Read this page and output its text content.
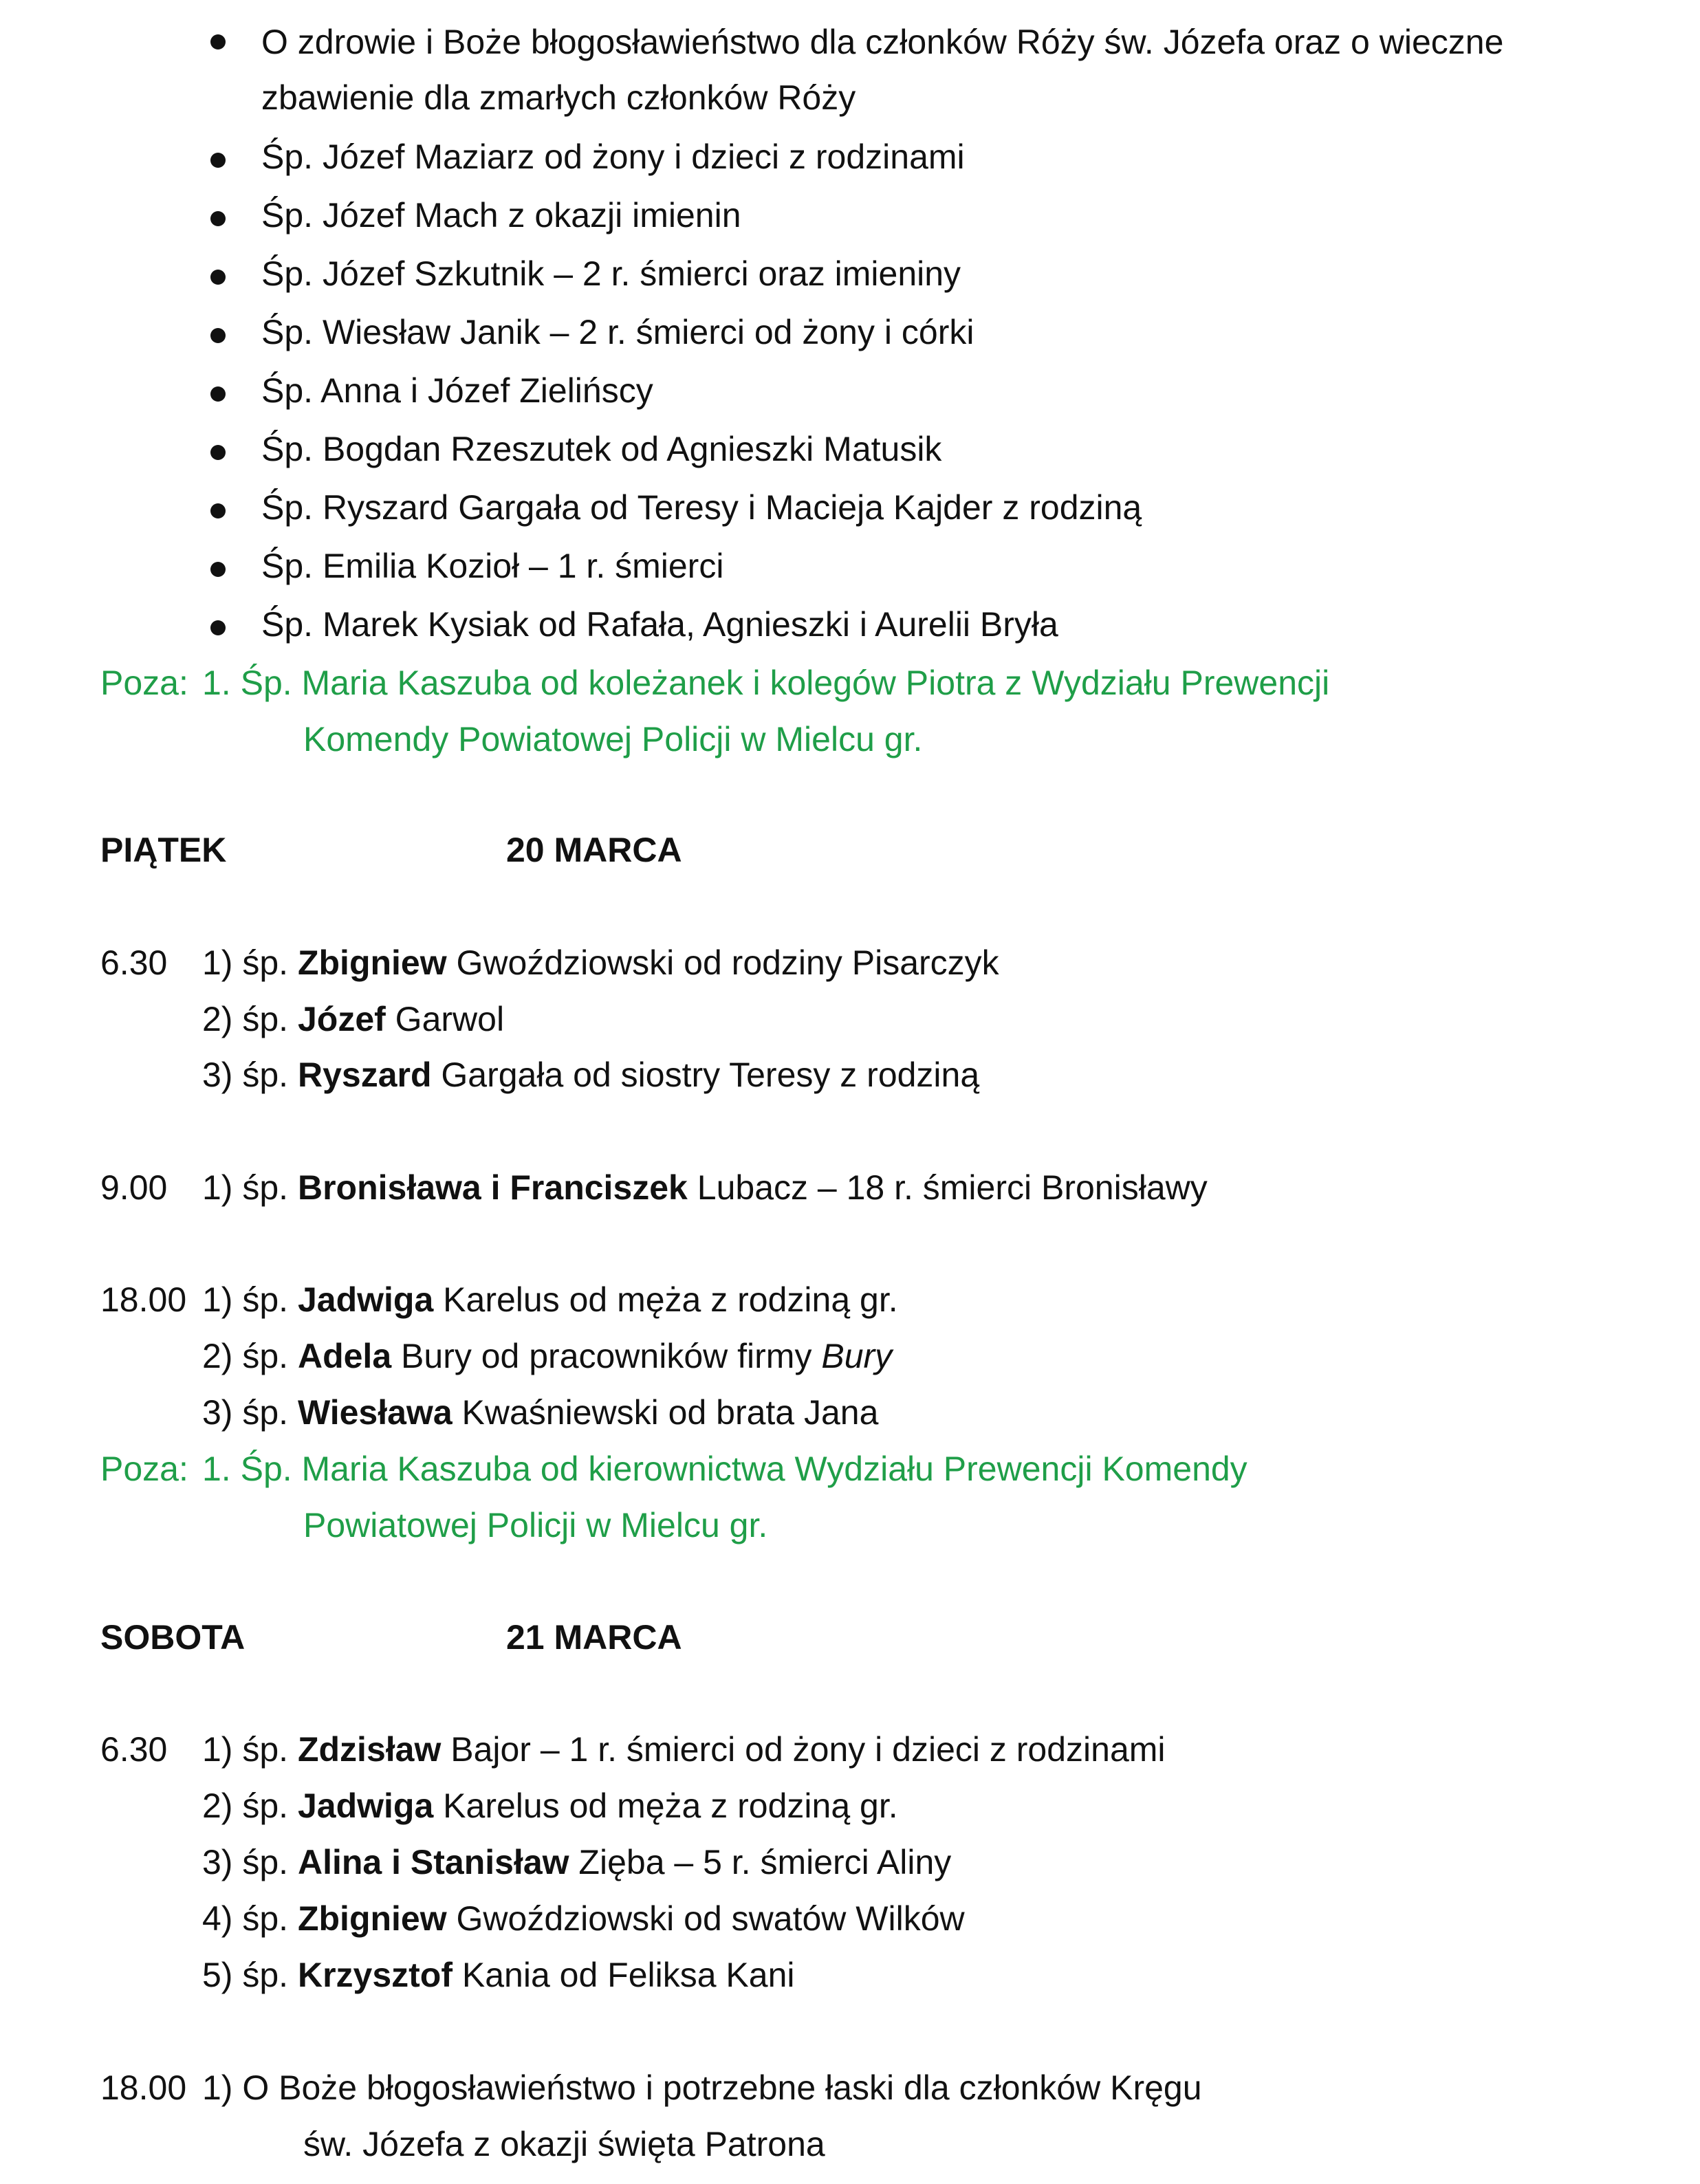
O zdrowie i Boże błogosławieństwo dla członków Róży św. Józefa oraz o wieczne
zbawienie dla zmarłych członków Róży
Śp. Józef Maziarz od żony i dzieci z rodzinami
Śp. Józef Mach z okazji imienin
Śp. Józef Szkutnik – 2 r. śmierci oraz imieniny
Śp. Wiesław Janik – 2 r. śmierci od żony i córki
Śp. Anna i Józef Zielińscy
Śp. Bogdan Rzeszutek od Agnieszki Matusik
Śp. Ryszard Gargała od Teresy i Macieja Kajder z rodziną
Śp. Emilia Kozioł – 1 r. śmierci
Śp. Marek Kysiak od Rafała, Agnieszki i Aurelii Bryła
Poza: 1. Śp. Maria Kaszuba od koleżanek i kolegów Piotra z Wydziału Prewencji
Komendy Powiatowej Policji w Mielcu gr.
PIĄTEK	20 MARCA
6.30 1) śp. Zbigniew Gwoździowski od rodziny Pisarczyk
2) śp. Józef Garwol
3) śp. Ryszard Gargała od siostry Teresy z rodziną
9.00 1) śp. Bronisława i Franciszek Lubacz – 18 r. śmierci Bronisławy
18.00 1) śp. Jadwiga Karelus od męża z rodziną gr.
2) śp. Adela Bury od pracowników firmy Bury
3) śp. Wiesława Kwaśniewski od brata Jana
Poza: 1. Śp. Maria Kaszuba od kierownictwa Wydziału Prewencji Komendy
Powiatowej Policji w Mielcu gr.
SOBOTA	21 MARCA
6.30 1) śp. Zdzisław Bajor – 1 r. śmierci od żony i dzieci z rodzinami
2) śp. Jadwiga Karelus od męża z rodziną gr.
3) śp. Alina i Stanisław Zięba – 5 r. śmierci Aliny
4) śp. Zbigniew Gwoździowski od swatów Wilków
5) śp. Krzysztof Kania od Feliksa Kani
18.00 1) O Boże błogosławieństwo i potrzebne łaski dla członków Kręgu
św. Józefa z okazji święta Patrona
